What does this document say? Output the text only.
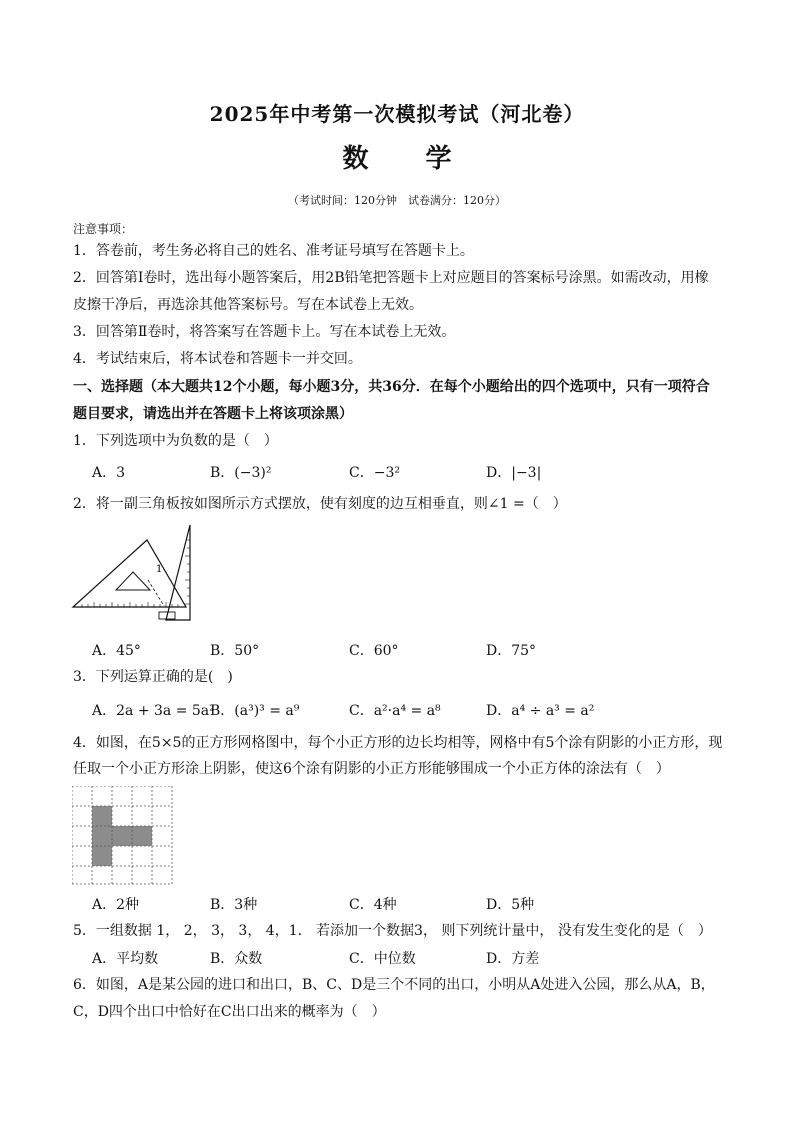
2025年中考第一次模拟考试（河北卷）
数 学
（考试时间：120分钟　试卷满分：120分）
注意事项：
1．答卷前，考生务必将自己的姓名、准考证号填写在答题卡上。
2．回答第Ⅰ卷时，选出每小题答案后，用2B铅笔把答题卡上对应题目的答案标号涂黑。如需改动，用橡
皮擦干净后，再选涂其他答案标号。写在本试卷上无效。
3．回答第Ⅱ卷时，将答案写在答题卡上。写在本试卷上无效。
4．考试结束后，将本试卷和答题卡一并交回。
一、选择题（本大题共12个小题，每小题3分，共36分．在每个小题给出的四个选项中，只有一项符合
题目要求，请选出并在答题卡上将该项涂黑）
1．下列选项中为负数的是（　）
A．3	B．(−3)²	C．−3²	D．|−3|
2．将一副三角板按如图所示方式摆放，使有刻度的边互相垂直，则∠1 =（　）
1
A．45°	B．50°	C．60°	D．75°
3．下列运算正确的是(　)
A．2a + 3a = 5a²
B．(a³)³ = a⁹	C．a²·a⁴ = a⁸	D．a⁴ ÷ a³ = a²
4．如图，在5×5的正方形网格图中，每个小正方形的边长均相等，网格中有5个涂有阴影的小正方形，现
任取一个小正方形涂上阴影，使这6个涂有阴影的小正方形能够围成一个小正方体的涂法有（　）
A．2种	B．3种	C．4种	D．5种
5．一组数据 1， 2， 3， 3， 4，1． 若添加一个数据3， 则下列统计量中， 没有发生变化的是（　）
A．平均数	B．众数	C．中位数	D．方差
6．如图，A是某公园的进口和出口，B、C、D是三个不同的出口，小明从A处进入公园，那么从A，B，
C，D四个出口中恰好在C出口出来的概率为（　）
